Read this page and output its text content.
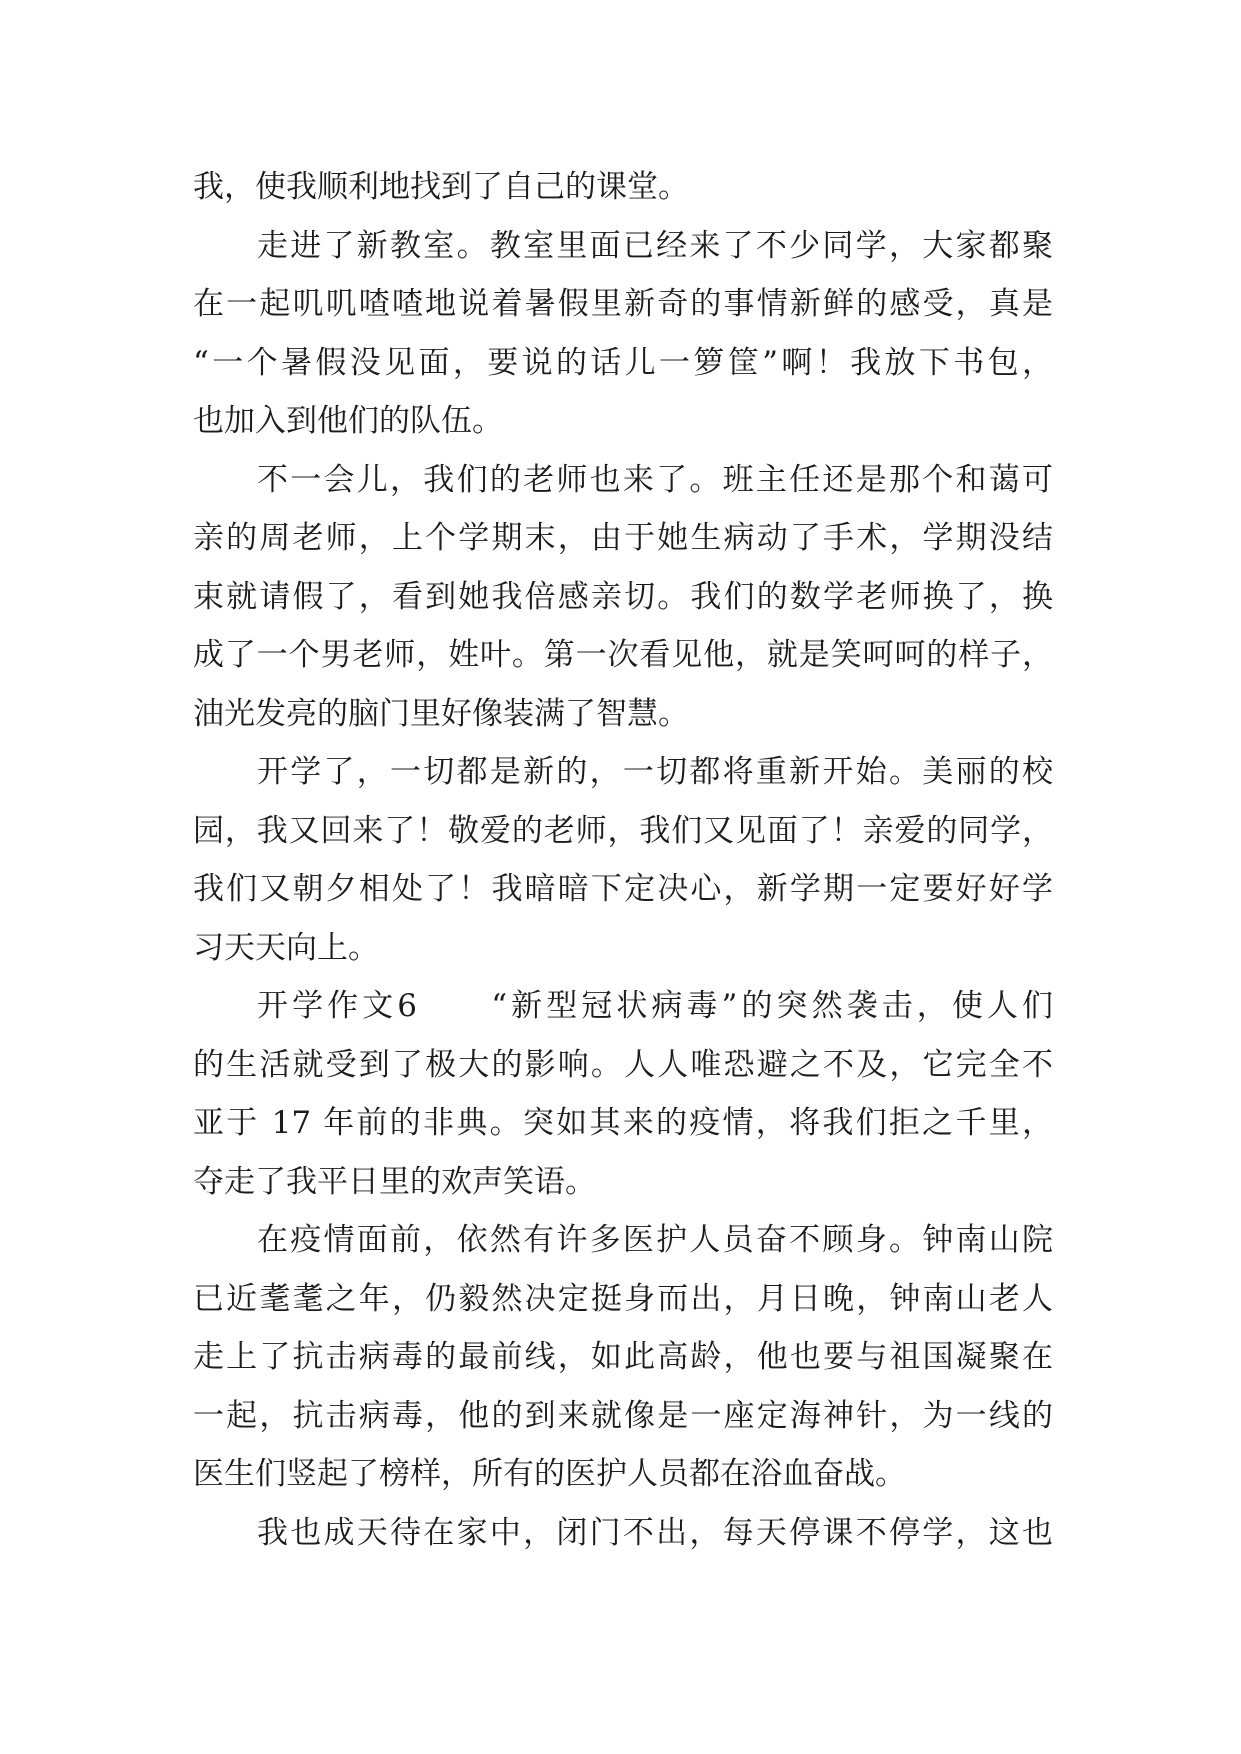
我，使我顺利地找到了自己的课堂。
走进了新教室。教室里面已经来了不少同学，大家都聚
在一起叽叽喳喳地说着暑假里新奇的事情新鲜的感受，真是
“一个暑假没见面，要说的话儿一箩筐”啊！我放下书包，
也加入到他们的队伍。
不一会儿，我们的老师也来了。班主任还是那个和蔼可
亲的周老师，上个学期末，由于她生病动了手术，学期没结
束就请假了，看到她我倍感亲切。我们的数学老师换了，换
成了一个男老师，姓叶。第一次看见他，就是笑呵呵的样子，
油光发亮的脑门里好像装满了智慧。
开学了，一切都是新的，一切都将重新开始。美丽的校
园，我又回来了！敬爱的老师，我们又见面了！亲爱的同学，
我们又朝夕相处了！我暗暗下定决心，新学期一定要好好学
习天天向上。
开学作文6　　“新型冠状病毒”的突然袭击，使人们
的生活就受到了极大的影响。人人唯恐避之不及，它完全不
亚于 17 年前的非典。突如其来的疫情，将我们拒之千里，
夺走了我平日里的欢声笑语。
在疫情面前，依然有许多医护人员奋不顾身。钟南山院
已近耄耄之年，仍毅然决定挺身而出，月日晚，钟南山老人
走上了抗击病毒的最前线，如此高龄，他也要与祖国凝聚在
一起，抗击病毒，他的到来就像是一座定海神针，为一线的
医生们竖起了榜样，所有的医护人员都在浴血奋战。
我也成天待在家中，闭门不出，每天停课不停学，这也
